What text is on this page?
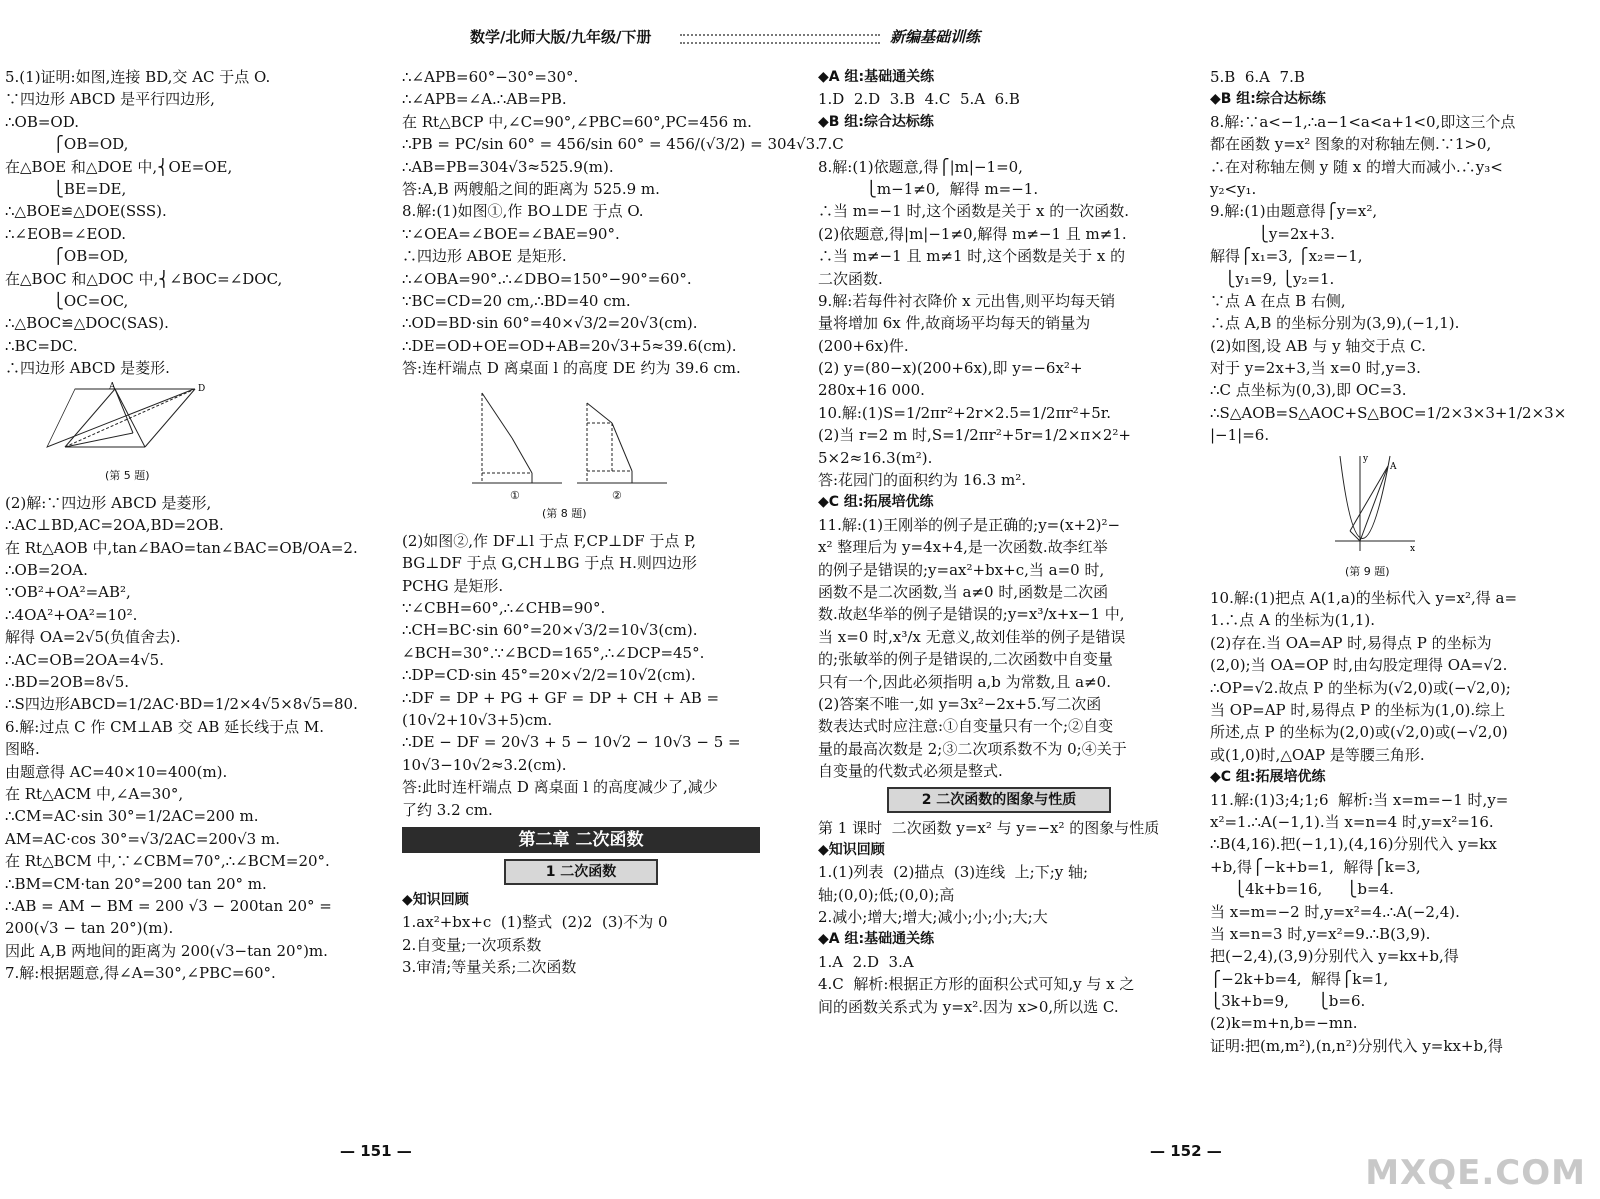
数学/北师大版/九年级/下册	新编基础训练
5.(1)证明:如图,连接 BD,交 AC 于点 O.
∵四边形 ABCD 是平行四边形,
∴OB=OD.
⎧OB=OD,
在△BOE 和△DOE 中,⎨OE=OE,
⎩BE=DE,
∴△BOE≌△DOE(SSS).
∴∠EOB=∠EOD.
⎧OB=OD,
在△BOC 和△DOC 中,⎨∠BOC=∠DOC,
⎩OC=OC,
∴△BOC≌△DOC(SAS).
∴BC=DC.
∴四边形 ABCD 是菱形.
A	D
(第 5 题)
(2)解:∵四边形 ABCD 是菱形,
∴AC⊥BD,AC=2OA,BD=2OB.
在 Rt△AOB 中,tan∠BAO=tan∠BAC=OB/OA=2.
∴OB=2OA.
∵OB²+OA²=AB²,
∴4OA²+OA²=10².
解得 OA=2√5(负值舍去).
∴AC=OB=2OA=4√5.
∴BD=2OB=8√5.
∴S四边形ABCD=1/2AC·BD=1/2×4√5×8√5=80.
6.解:过点 C 作 CM⊥AB 交 AB 延长线于点 M.
图略.
由题意得 AC=40×10=400(m).
在 Rt△ACM 中,∠A=30°,
∴CM=AC·sin 30°=1/2AC=200 m.
AM=AC·cos 30°=√3/2AC=200√3 m.
在 Rt△BCM 中,∵∠CBM=70°,∴∠BCM=20°.
∴BM=CM·tan 20°=200 tan 20° m.
∴AB = AM − BM = 200 √3 − 200tan 20° =
200(√3 − tan 20°)(m).
因此 A,B 两地间的距离为 200(√3−tan 20°)m.
7.解:根据题意,得∠A=30°,∠PBC=60°.
∴∠APB=60°−30°=30°.
∴∠APB=∠A.∴AB=PB.
在 Rt△BCP 中,∠C=90°,∠PBC=60°,PC=456 m.
∴PB = PC/sin 60° = 456/sin 60° = 456/(√3/2) = 304√3.
∴AB=PB=304√3≈525.9(m).
答:A,B 两艘船之间的距离为 525.9 m.
8.解:(1)如图①,作 BO⊥DE 于点 O.
∵∠OEA=∠BOE=∠BAE=90°.
∴四边形 ABOE 是矩形.
∴∠OBA=90°.∴∠DBO=150°−90°=60°.
∵BC=CD=20 cm,∴BD=40 cm.
∴OD=BD·sin 60°=40×√3/2=20√3(cm).
∴DE=OD+OE=OD+AB=20√3+5≈39.6(cm).
答:连杆端点 D 离桌面 l 的高度 DE 约为 39.6 cm.
①	②
(第 8 题)
(2)如图②,作 DF⊥l 于点 F,CP⊥DF 于点 P,
BG⊥DF 于点 G,CH⊥BG 于点 H.则四边形
PCHG 是矩形.
∵∠CBH=60°,∴∠CHB=90°.
∴CH=BC·sin 60°=20×√3/2=10√3(cm).
∠BCH=30°.∵∠BCD=165°,∴∠DCP=45°.
∴DP=CD·sin 45°=20×√2/2=10√2(cm).
∴DF = DP + PG + GF = DP + CH + AB =
(10√2+10√3+5)cm.
∴DE − DF = 20√3 + 5 − 10√2 − 10√3 − 5 =
10√3−10√2≈3.2(cm).
答:此时连杆端点 D 离桌面 l 的高度减少了,减少
了约 3.2 cm.
第二章 二次函数
1 二次函数
◆知识回顾
1.ax²+bx+c  (1)整式  (2)2  (3)不为 0
2.自变量;一次项系数
3.审清;等量关系;二次函数
◆A 组:基础通关练
1.D  2.D  3.B  4.C  5.A  6.B
◆B 组:综合达标练
7.C
8.解:(1)依题意,得⎧|m|−1=0,
⎩m−1≠0,  解得 m=−1.
∴当 m=−1 时,这个函数是关于 x 的一次函数.
(2)依题意,得|m|−1≠0,解得 m≠−1 且 m≠1.
∴当 m≠−1 且 m≠1 时,这个函数是关于 x 的
二次函数.
9.解:若每件衬衣降价 x 元出售,则平均每天销
量将增加 6x 件,故商场平均每天的销量为
(200+6x)件.
(2) y=(80−x)(200+6x),即 y=−6x²+
280x+16 000.
10.解:(1)S=1/2πr²+2r×2.5=1/2πr²+5r.
(2)当 r=2 m 时,S=1/2πr²+5r=1/2×π×2²+
5×2≈16.3(m²).
答:花园门的面积约为 16.3 m².
◆C 组:拓展培优练
11.解:(1)王刚举的例子是正确的;y=(x+2)²−
x² 整理后为 y=4x+4,是一次函数.故李红举
的例子是错误的;y=ax²+bx+c,当 a=0 时,
函数不是二次函数,当 a≠0 时,函数是二次函
数.故赵华举的例子是错误的;y=x³/x+x−1 中,
当 x=0 时,x³/x 无意义,故刘佳举的例子是错误
的;张敏举的例子是错误的,二次函数中自变量
只有一个,因此必须指明 a,b 为常数,且 a≠0.
(2)答案不唯一,如 y=3x²−2x+5.写二次函
数表达式时应注意:①自变量只有一个;②自变
量的最高次数是 2;③二次项系数不为 0;④关于
自变量的代数式必须是整式.
2 二次函数的图象与性质
第 1 课时  二次函数 y=x² 与 y=−x² 的图象与性质
◆知识回顾
1.(1)列表  (2)描点  (3)连线  上;下;y 轴;
轴;(0,0);低;(0,0);高
2.减小;增大;增大;减小;小;小;大;大
◆A 组:基础通关练
1.A  2.D  3.A
4.C  解析:根据正方形的面积公式可知,y 与 x 之
间的函数关系式为 y=x².因为 x>0,所以选 C.
5.B  6.A  7.B
◆B 组:综合达标练
8.解:∵a<−1,∴a−1<a<a+1<0,即这三个点
都在函数 y=x² 图象的对称轴左侧.∵1>0,
∴在对称轴左侧 y 随 x 的增大而减小.∴y₃<
y₂<y₁.
9.解:(1)由题意得⎧y=x²,
⎩y=2x+3.
解得⎧x₁=3, ⎧x₂=−1,
⎩y₁=9, ⎩y₂=1.
∵点 A 在点 B 右侧,
∴点 A,B 的坐标分别为(3,9),(−1,1).
(2)如图,设 AB 与 y 轴交于点 C.
对于 y=2x+3,当 x=0 时,y=3.
∴C 点坐标为(0,3),即 OC=3.
∴S△AOB=S△AOC+S△BOC=1/2×3×3+1/2×3×
|−1|=6.
y
A
x
(第 9 题)
10.解:(1)把点 A(1,a)的坐标代入 y=x²,得 a=
1.∴点 A 的坐标为(1,1).
(2)存在.当 OA=AP 时,易得点 P 的坐标为
(2,0);当 OA=OP 时,由勾股定理得 OA=√2.
∴OP=√2.故点 P 的坐标为(√2,0)或(−√2,0);
当 OP=AP 时,易得点 P 的坐标为(1,0).综上
所述,点 P 的坐标为(2,0)或(√2,0)或(−√2,0)
或(1,0)时,△OAP 是等腰三角形.
◆C 组:拓展培优练
11.解:(1)3;4;1;6  解析:当 x=m=−1 时,y=
x²=1.∴A(−1,1).当 x=n=4 时,y=x²=16.
∴B(4,16).把(−1,1),(4,16)分别代入 y=kx
+b,得⎧−k+b=1,  解得⎧k=3,
⎩4k+b=16,     ⎩b=4.
当 x=m=−2 时,y=x²=4.∴A(−2,4).
当 x=n=3 时,y=x²=9.∴B(3,9).
把(−2,4),(3,9)分别代入 y=kx+b,得
⎧−2k+b=4,  解得⎧k=1,
⎩3k+b=9,      ⎩b=6.
(2)k=m+n,b=−mn.
证明:把(m,m²),(n,n²)分别代入 y=kx+b,得
— 151 —	— 152 —
MXQE.COM
